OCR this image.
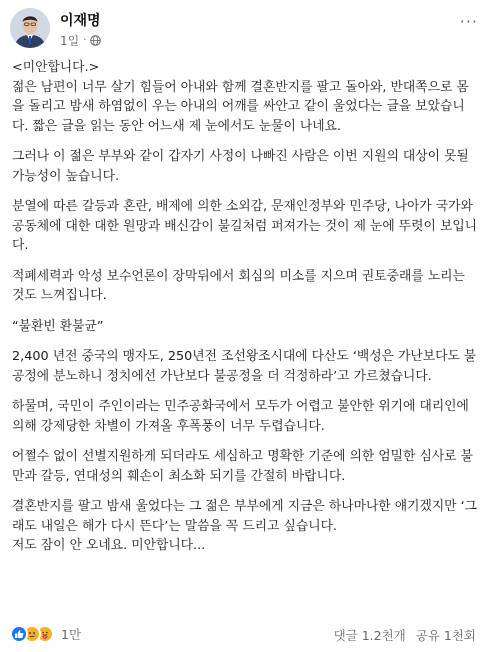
이재명
1일 ·
···

<미안합니다.>
젊은 남편이 너무 살기 힘들어 아내와 함께 결혼반지를 팔고 돌아와, 반대쪽으로 몸을 돌리고 밤새 하염없이 우는 아내의 어깨를 싸안고 같이 울었다는 글을 보았습니다. 짧은 글을 읽는 동안 어느새 제 눈에서도 눈물이 나네요.

그러나 이 젊은 부부와 같이 갑자기 사정이 나빠진 사람은 이번 지원의 대상이 못될 가능성이 높습니다.

분열에 따른 갈등과 혼란, 배제에 의한 소외감, 문재인정부와 민주당, 나아가 국가와 공동체에 대한 대한 원망과 배신감이 불길처럼 퍼져가는 것이 제 눈에 뚜렷이 보입니다.

적폐세력과 악성 보수언론이 장막뒤에서 회심의 미소를 지으며 권토중래를 노리는 것도 느껴집니다.

“불환빈 환불균”

2,400 년전 중국의 맹자도, 250년전 조선왕조시대에 다산도 ‘백성은 가난보다도 불공정에 분노하니 정치에선 가난보다 불공정을 더 걱정하라’고 가르쳤습니다.

하물며, 국민이 주인이라는 민주공화국에서 모두가 어렵고 불안한 위기에 대리인에 의해 강제당한 차별이 가져올 후폭풍이 너무 두렵습니다.

어쩔수 없이 선별지원하게 되더라도 세심하고 명확한 기준에 의한 엄밀한 심사로 불만과 갈등, 연대성의 훼손이 최소화 되기를 간절히 바랍니다.

결혼반지를 팔고 밤새 울었다는 그 젊은 부부에게 지금은 하나마나한 얘기겠지만 ‘그래도 내일은 해가 다시 뜬다’는 말씀을 꼭 드리고 싶습니다.

저도 잠이 안 오네요. 미안합니다...

1만	댓글 1.2천개 공유 1천회
